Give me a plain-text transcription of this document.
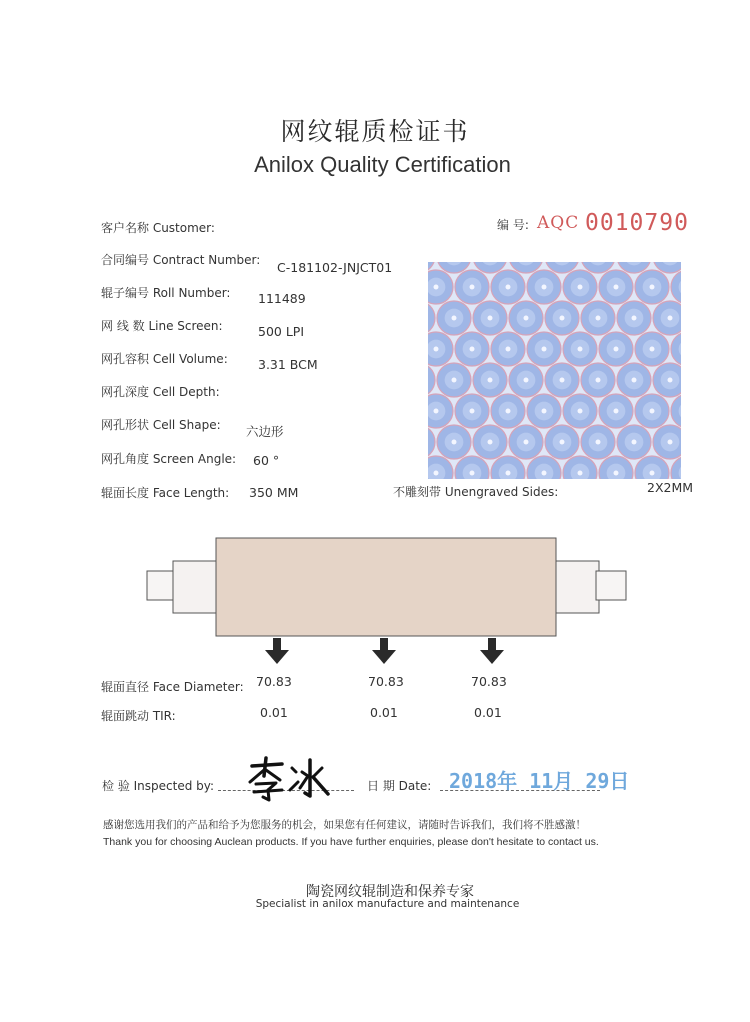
网纹辊质检证书
Anilox Quality Certification
编 号: AQC 0010790
客户名称 Customer:
合同编号 Contract Number: C-181102-JNJCT01
辊子编号 Roll Number: 111489
网 线 数 Line Screen:	500 LPI
网孔容积 Cell Volume: 3.31 BCM
网孔深度 Cell Depth:
网孔形状 Cell Shape: 六边形
网孔角度 Screen Angle: 60 °
辊面长度 Face Length: 350 MM	不雕刻带 Unengraved Sides:	2X2MM
辊面直径 Face Diameter: 70.83	70.83	70.83
辊面跳动 TIR:	0.01	0.01	0.01
检 验 Inspected by:	日 期 Date: 2018年 11月 29日
感谢您选用我们的产品和给予为您服务的机会，如果您有任何建议，请随时告诉我们，我们将不胜感激！
Thank you for choosing Auclean products. If you have further enquiries, please don't hesitate to contact us.
陶瓷网纹辊制造和保养专家
Specialist in anilox manufacture and maintenance
